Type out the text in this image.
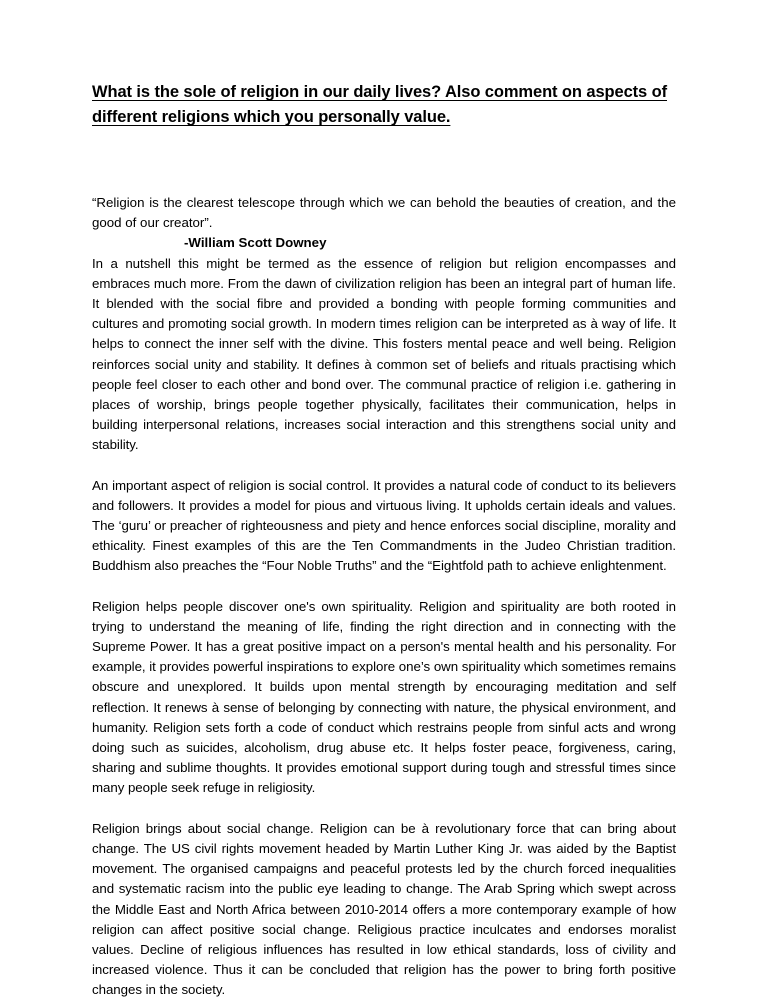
What is the sole of religion in our daily lives? Also comment on aspects of different religions which you personally value.

“Religion is the clearest telescope through which we can behold the beauties of creation, and the good of our creator”.

-William Scott Downey

In a nutshell this might be termed as the essence of religion but religion encompasses and embraces much more. From the dawn of civilization religion has been an integral part of human life. It blended with the social fibre and provided a bonding with people forming communities and cultures and promoting social growth. In modern times religion can be interpreted as à way of life. It helps to connect the inner self with the divine. This fosters mental peace and well being. Religion reinforces social unity and stability. It defines à common set of beliefs and rituals practising which people feel closer to each other and bond over. The communal practice of religion i.e. gathering in places of worship, brings people together physically, facilitates their communication, helps in building interpersonal relations, increases social interaction and this strengthens social unity and stability.

An important aspect of religion is social control. It provides a natural code of conduct to its believers and followers. It provides a model for pious and virtuous living. It upholds certain ideals and values. The ‘guru’ or preacher of righteousness and piety and hence enforces social discipline, morality and ethicality. Finest examples of this are the Ten Commandments in the Judeo Christian tradition. Buddhism also preaches the “Four Noble Truths” and the “Eightfold path to achieve enlightenment.

Religion helps people discover one's own spirituality. Religion and spirituality are both rooted in trying to understand the meaning of life, finding the right direction and in connecting with the Supreme Power. It has a great positive impact on a person's mental health and his personality. For example, it provides powerful inspirations to explore one’s own spirituality which sometimes remains obscure and unexplored. It builds upon mental strength by encouraging meditation and self reflection. It renews à sense of belonging by connecting with nature, the physical environment, and humanity. Religion sets forth a code of conduct which restrains people from sinful acts and wrong doing such as suicides, alcoholism, drug abuse etc. It helps foster peace, forgiveness, caring, sharing and sublime thoughts. It provides emotional support during tough and stressful times since many people seek refuge in religiosity.

Religion brings about social change. Religion can be à revolutionary force that can bring about change. The US civil rights movement headed by Martin Luther King Jr. was aided by the Baptist movement. The organised campaigns and peaceful protests led by the church forced inequalities and systematic racism into the public eye leading to change. The Arab Spring which swept across the Middle East and North Africa between 2010-2014 offers a more contemporary example of how religion can affect positive social change. Religious practice inculcates and endorses moralist values. Decline of religious influences has resulted in low ethical standards, loss of civility and increased violence. Thus it can be concluded that religion has the power to bring forth positive changes in the society.
